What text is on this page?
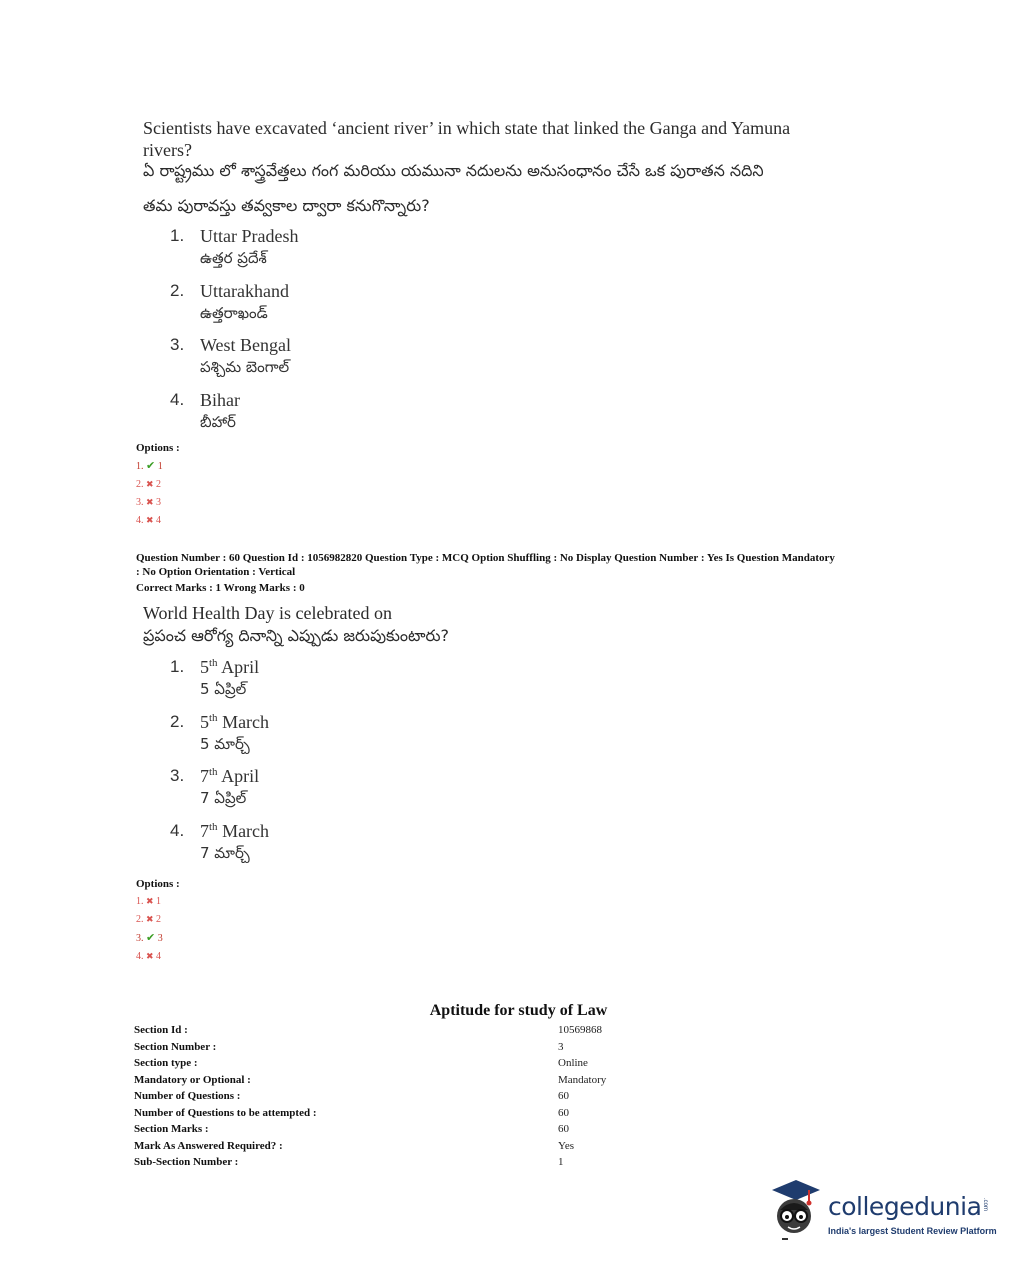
Scientists have excavated ‘ancient river’ in which state that linked the Ganga and Yamuna
rivers?
ఏ రాష్ట్రము లో శాస్త్రవేత్తలు గంగ మరియు యమునా నదులను అనుసంధానం చేసే ఒక పురాతన నదిని
తమ పురావస్తు తవ్వకాల ద్వారా కనుగొన్నారు?
1. Uttar Pradesh
ఉత్తర ప్రదేశ్
2. Uttarakhand
ఉత్తరాఖండ్
3. West Bengal
పశ్చిమ బెంగాల్
4. Bihar
బీహార్
Options :
1. ✔ 1
2. ✖ 2
3. ✖ 3
4. ✖ 4
Question Number : 60 Question Id : 1056982820 Question Type : MCQ Option Shuffling : No Display Question Number : Yes Is Question Mandatory
: No Option Orientation : Vertical
Correct Marks : 1 Wrong Marks : 0
World Health Day is celebrated on
ప్రపంచ ఆరోగ్య దినాన్ని ఎప్పుడు జరుపుకుంటారు?
1. 5th April
5 ఏప్రిల్
2. 5th March
5 మార్చ్
3. 7th April
7 ఏప్రిల్
4. 7th March
7 మార్చ్
Options :
1. ✖ 1
2. ✖ 2
3. ✔ 3
4. ✖ 4
Aptitude for study of Law
Section Id :	10569868
Section Number :	3
Section type :	Online
Mandatory or Optional :	Mandatory
Number of Questions :	60
Number of Questions to be attempted :	60
Section Marks :	60
Mark As Answered Required? :	Yes
Sub-Section Number :	1
collegedunia .com
India's largest Student Review Platform
